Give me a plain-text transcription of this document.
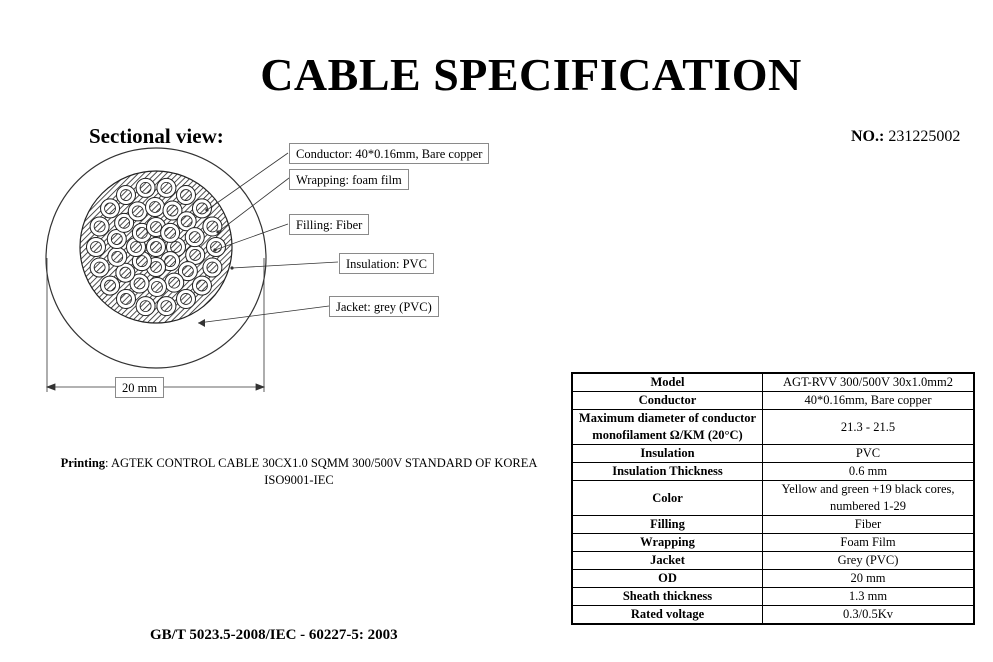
CABLE SPECIFICATION
Sectional view:	NO.: 231225002
Conductor: 40*0.16mm, Bare copper
Wrapping: foam film
Filling: Fiber
Insulation: PVC
Jacket: grey (PVC)
20 mm
Printing: AGTEK CONTROL CABLE 30CX1.0 SQMM 300/500V STANDARD OF KOREA ISO9001-IEC
Model	AGT-RVV 300/500V 30x1.0mm2
Conductor	40*0.16mm, Bare copper
Maximum diameter of conductor monofilament Ω/KM (20°C)	21.3 - 21.5
Insulation	PVC
Insulation Thickness	0.6 mm
Color	Yellow and green +19 black cores, numbered 1-29
Filling	Fiber
Wrapping	Foam Film
Jacket	Grey (PVC)
OD	20 mm
Sheath thickness	1.3 mm
Rated voltage	0.3/0.5Kv
GB/T 5023.5-2008/IEC - 60227-5: 2003
